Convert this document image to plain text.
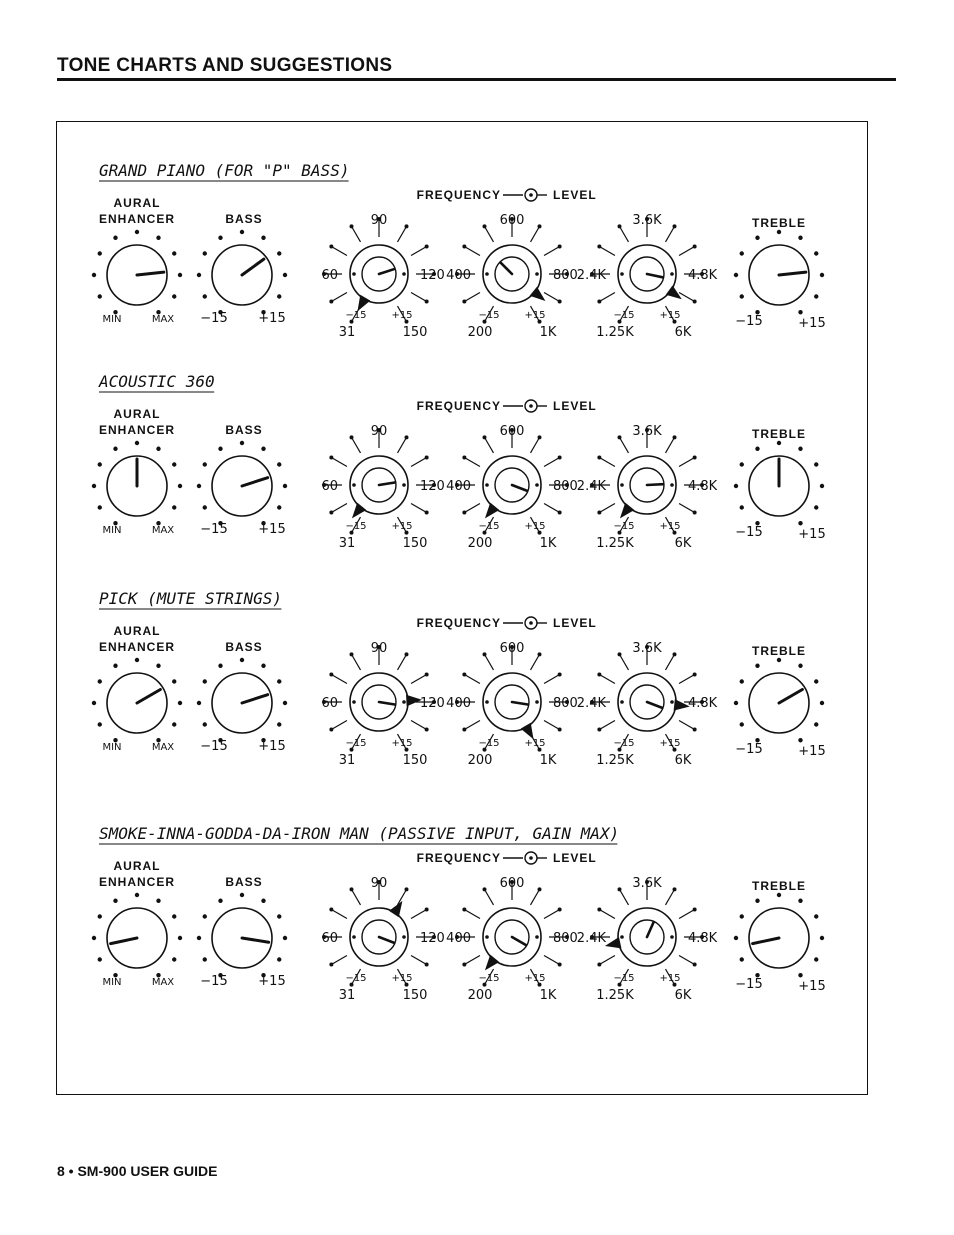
TONE CHARTS AND SUGGESTIONS
GRAND PIANO (FOR "P" BASS)
AURAL
ENHANCER
MIN	MAX
BASS
−15 +15
FREQUENCY	LEVEL
90
60	120
−15 +15
31	150
600
400	800
−15 +15
200	1K
3.6K
2.4K	4.8K
−15 +15
1.25K	6K
TREBLE
−15	+15
ACOUSTIC 360
AURAL
ENHANCER
MIN	MAX
BASS
−15 +15
FREQUENCY	LEVEL
90
60	120
−15 +15
31	150
600
400	800
−15 +15
200	1K
3.6K
2.4K	4.8K
−15 +15
1.25K	6K
TREBLE
−15	+15
PICK (MUTE STRINGS)
AURAL
ENHANCER
MIN	MAX
BASS
−15 +15
FREQUENCY	LEVEL
90
60	120
−15 +15
31	150
600
400	800
−15 +15
200	1K
3.6K
2.4K	4.8K
−15 +15
1.25K	6K
TREBLE
−15	+15
SMOKE-INNA-GODDA-DA-IRON MAN (PASSIVE INPUT, GAIN MAX)
AURAL
ENHANCER
MIN	MAX
BASS
−15 +15
FREQUENCY	LEVEL
90
60	120
−15 +15
31	150
600
400	800
−15 +15
200	1K
3.6K
2.4K	4.8K
−15 +15
1.25K	6K
TREBLE
−15	+15
8 • SM-900 USER GUIDE
